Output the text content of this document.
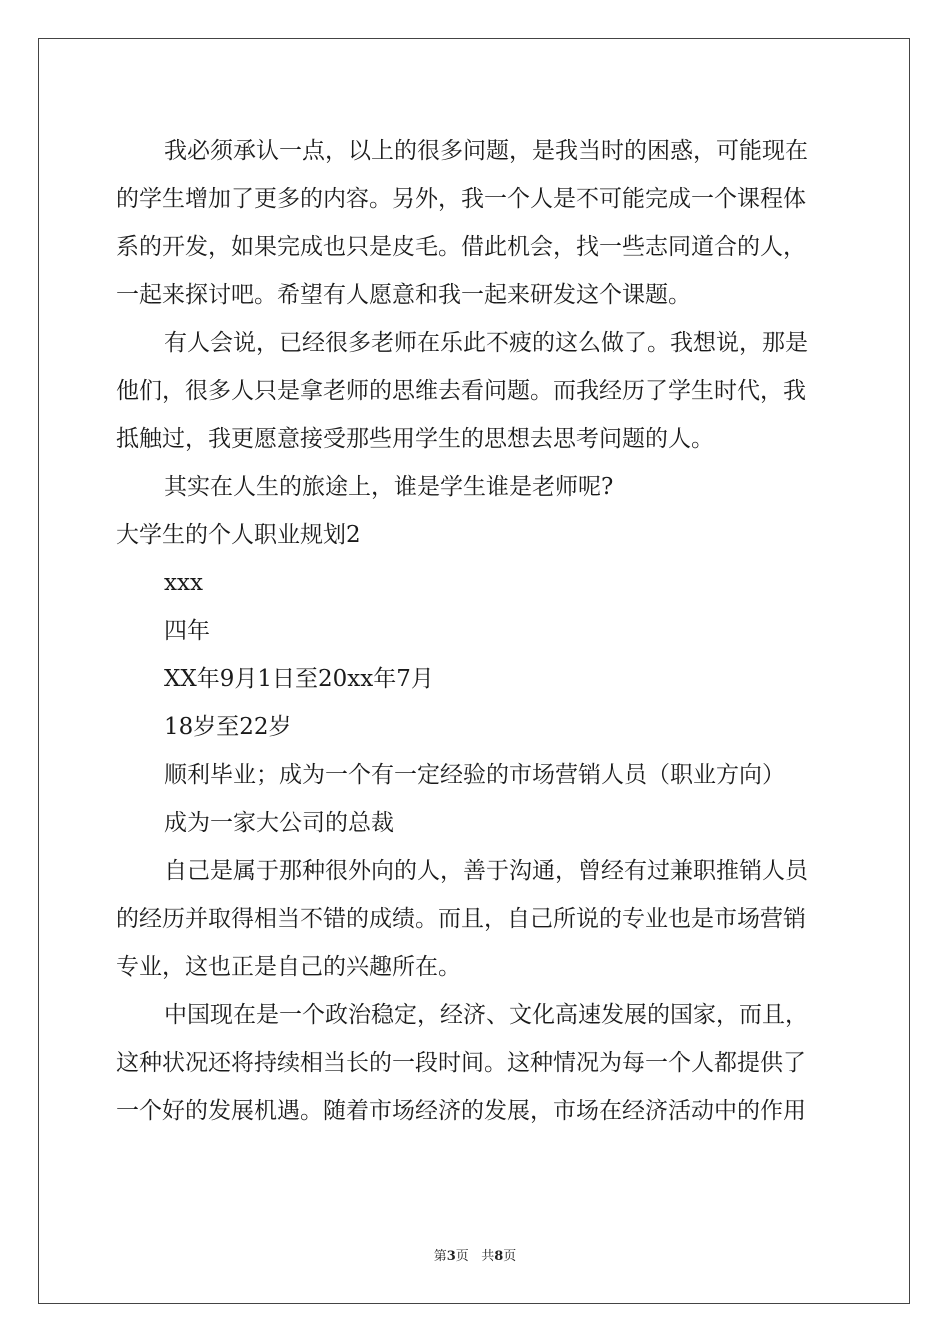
我必须承认一点，以上的很多问题，是我当时的困惑，可能现在
的学生增加了更多的内容。另外，我一个人是不可能完成一个课程体
系的开发，如果完成也只是皮毛。借此机会，找一些志同道合的人，
一起来探讨吧。希望有人愿意和我一起来研发这个课题。
有人会说，已经很多老师在乐此不疲的这么做了。我想说，那是
他们，很多人只是拿老师的思维去看问题。而我经历了学生时代，我
抵触过，我更愿意接受那些用学生的思想去思考问题的人。
其实在人生的旅途上，谁是学生谁是老师呢?
大学生的个人职业规划2
xxx
四年
XX年9月1日至20xx年7月
18岁至22岁
顺利毕业；成为一个有一定经验的市场营销人员（职业方向）
成为一家大公司的总裁
自己是属于那种很外向的人，善于沟通，曾经有过兼职推销人员
的经历并取得相当不错的成绩。而且，自己所说的专业也是市场营销
专业，这也正是自己的兴趣所在。
中国现在是一个政治稳定，经济、文化高速发展的国家，而且，
这种状况还将持续相当长的一段时间。这种情况为每一个人都提供了
一个好的发展机遇。随着市场经济的发展，市场在经济活动中的作用
第3页 共8页
